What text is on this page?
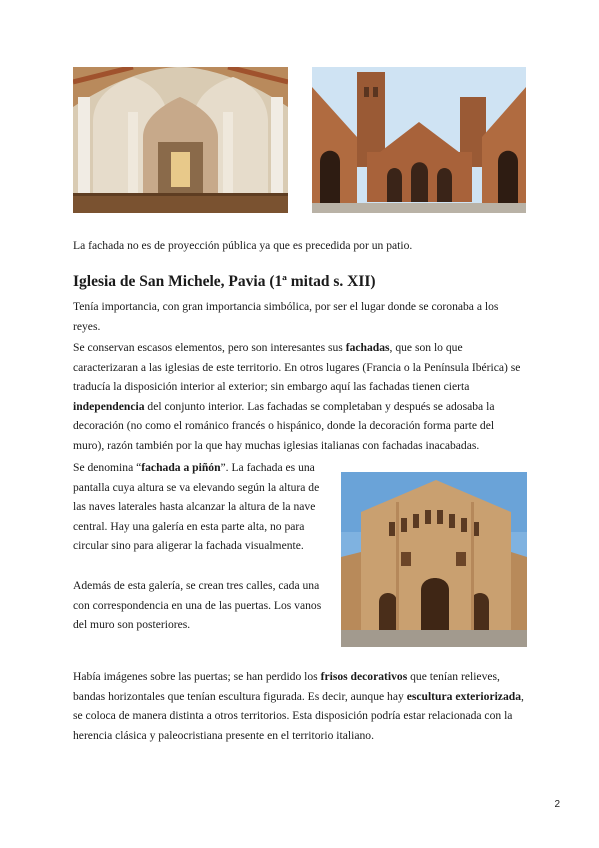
La fachada no es de proyección pública ya que es precedida por un patio.

Iglesia de San Michele, Pavia (1ª mitad s. XII)

Tenía importancia, con gran importancia simbólica, por ser el lugar donde se coronaba a los reyes.

Se conservan escasos elementos, pero son interesantes sus fachadas, que son lo que caracterizaran a las iglesias de este territorio. En otros lugares (Francia o la Península Ibérica) se traducía la disposición interior al exterior; sin embargo aquí las fachadas tienen cierta independencia del conjunto interior. Las fachadas se completaban y después se adosaba la decoración (no como el románico francés o hispánico, donde la decoración forma parte del muro), razón también por la que hay muchas iglesias italianas con fachadas inacabadas.

Se denomina “fachada a piñón”. La fachada es una pantalla cuya altura se va elevando según la altura de las naves laterales hasta alcanzar la altura de la nave central. Hay una galería en esta parte alta, no para circular sino para aligerar la fachada visualmente.

Además de esta galería, se crean tres calles, cada una con correspondencia en una de las puertas. Los vanos del muro son posteriores.

Había imágenes sobre las puertas; se han perdido los frisos decorativos que tenían relieves, bandas horizontales que tenían escultura figurada. Es decir, aunque hay escultura exteriorizada, se coloca de manera distinta a otros territorios. Esta disposición podría estar relacionada con la herencia clásica y paleocristiana presente en el territorio italiano.

2
